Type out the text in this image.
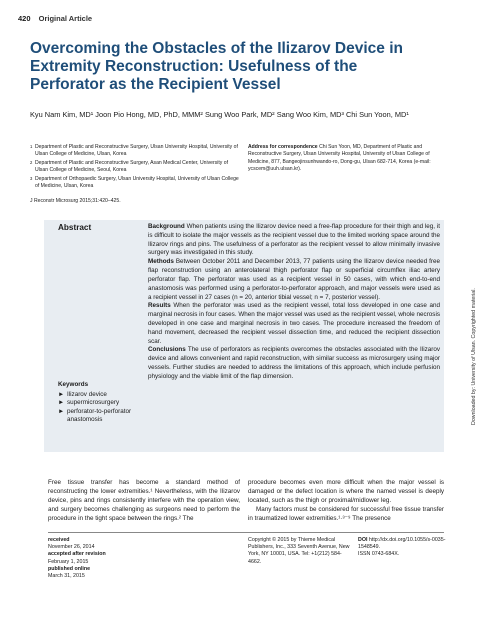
420 Original Article
Overcoming the Obstacles of the Ilizarov Device in Extremity Reconstruction: Usefulness of the Perforator as the Recipient Vessel
Kyu Nam Kim, MD¹ Joon Pio Hong, MD, PhD, MMM² Sung Woo Park, MD² Sang Woo Kim, MD³ Chi Sun Yoon, MD¹
1 Department of Plastic and Reconstructive Surgery, Ulsan University Hospital, University of Ulsan College of Medicine, Ulsan, Korea
2 Department of Plastic and Reconstructive Surgery, Asan Medical Center, University of Ulsan College of Medicine, Seoul, Korea
3 Department of Orthopaedic Surgery, Ulsan University Hospital, University of Ulsan College of Medicine, Ulsan, Korea
Address for correspondence Chi Sun Yoon, MD, Department of Plastic and Reconstructive Surgery, Ulsan University Hospital, University of Ulsan College of Medicine, 877, Bangeojinsunhwando-ro, Dong-gu, Ulsan 682-714, Korea (e-mail: ycscem@uuh.ulsan.kr).
J Reconstr Microsurg 2015;31:420–425.
Abstract	Background When patients using the Ilizarov device need a free-flap procedure for their thigh and leg, it is difficult to isolate the major vessels as the recipient vessel due to the limited working space around the Ilizarov rings and pins. The usefulness of a perforator as the recipient vessel to allow minimally invasive surgery was investigated in this study.
Methods Between October 2011 and December 2013, 77 patients using the Ilizarov device needed free flap reconstruction using an anterolateral thigh perforator flap or superficial circumflex iliac artery perforator flap. The perforator was used as a recipient vessel in 50 cases, with which end-to-end anastomosis was performed using a perforator-to-perforator approach, and major vessels were used as a recipient vessel in 27 cases (n = 20, anterior tibial vessel; n = 7, posterior vessel).
Results When the perforator was used as the recipient vessel, total loss developed in one case and marginal necrosis in four cases. When the major vessel was used as the recipient vessel, whole necrosis developed in one case and marginal necrosis in two cases. The procedure increased the freedom of hand movement, decreased the recipient vessel dissection time, and reduced the recipient dissection scar.
Conclusions The use of perforators as recipients overcomes the obstacles associated with the Ilizarov device and allows convenient and rapid reconstruction, with similar success as microsurgery using major vessels. Further studies are needed to address the limitations of this approach, which include perfusion physiology and the viable limit of the flap dimension.
Keywords
► Ilizarov device
► supermicrosurgery
► perforator-to-perforator anastomosis
Free tissue transfer has become a standard method of reconstructing the lower extremities.¹ Nevertheless, with the Ilizarov device, pins and rings consistently interfere with the operation view, and surgery becomes challenging as surgeons need to perform the procedure in the tight space between the rings.² The

procedure becomes even more difficult when the major vessel is damaged or the defect location is where the named vessel is deeply located, such as the thigh or proximal/midlower leg.

Many factors must be considered for successful free tissue transfer in traumatized lower extremities.¹·³⁻⁹ The presence

received
November 26, 2014
accepted after revision
February 1, 2015
published online
March 31, 2015
Copyright © 2015 by Thieme Medical Publishers, Inc., 333 Seventh Avenue, New York, NY 10001, USA. Tel: +1(212) 584-4662.
DOI http://dx.doi.org/10.1055/s-0035-1548549.
ISSN 0743-684X.
Downloaded by: University of Ulsan. Copyrighted material.
